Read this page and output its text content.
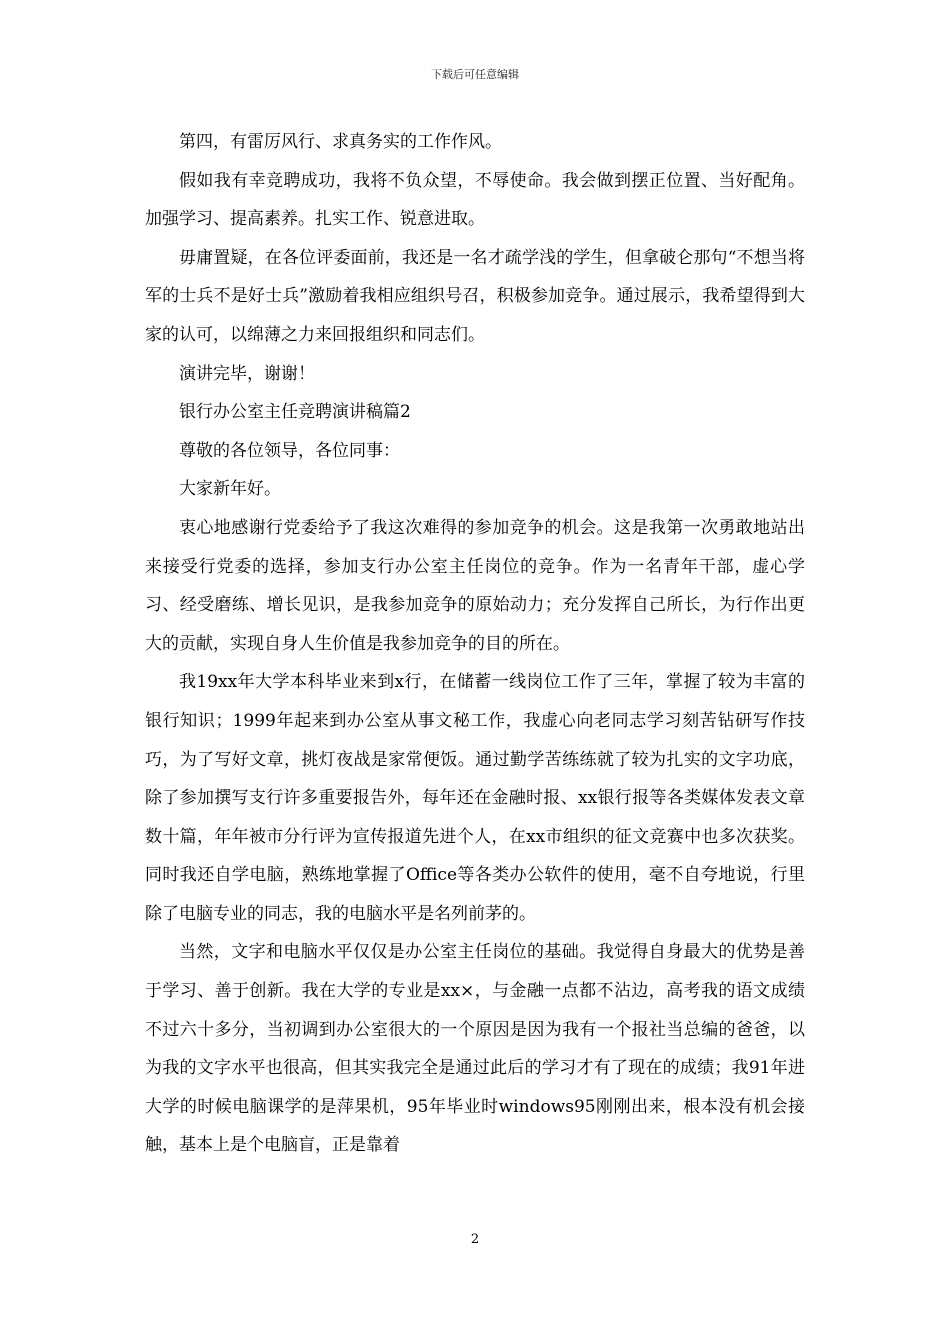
下载后可任意编辑

第四，有雷厉风行、求真务实的工作作风。

假如我有幸竞聘成功，我将不负众望，不辱使命。我会做到摆正位置、当好配角。加强学习、提高素养。扎实工作、锐意进取。

毋庸置疑，在各位评委面前，我还是一名才疏学浅的学生，但拿破仑那句“不想当将军的士兵不是好士兵”激励着我相应组织号召，积极参加竞争。通过展示，我希望得到大家的认可，以绵薄之力来回报组织和同志们。

演讲完毕，谢谢！

银行办公室主任竞聘演讲稿篇2

尊敬的各位领导，各位同事：

大家新年好。

衷心地感谢行党委给予了我这次难得的参加竞争的机会。这是我第一次勇敢地站出来接受行党委的选择，参加支行办公室主任岗位的竞争。作为一名青年干部，虚心学习、经受磨练、增长见识，是我参加竞争的原始动力；充分发挥自己所长，为行作出更大的贡献，实现自身人生价值是我参加竞争的目的所在。

我19xx年大学本科毕业来到x行，在储蓄一线岗位工作了三年，掌握了较为丰富的银行知识；1999年起来到办公室从事文秘工作，我虚心向老同志学习刻苦钻研写作技巧，为了写好文章，挑灯夜战是家常便饭。通过勤学苦练练就了较为扎实的文字功底，除了参加撰写支行许多重要报告外，每年还在金融时报、xx银行报等各类媒体发表文章数十篇，年年被市分行评为宣传报道先进个人，在xx市组织的征文竞赛中也多次获奖。同时我还自学电脑，熟练地掌握了Office等各类办公软件的使用，毫不自夸地说，行里除了电脑专业的同志，我的电脑水平是名列前茅的。

当然，文字和电脑水平仅仅是办公室主任岗位的基础。我觉得自身最大的优势是善于学习、善于创新。我在大学的专业是xx×，与金融一点都不沾边，高考我的语文成绩不过六十多分，当初调到办公室很大的一个原因是因为我有一个报社当总编的爸爸，以为我的文字水平也很高，但其实我完全是通过此后的学习才有了现在的成绩；我91年进大学的时候电脑课学的是萍果机，95年毕业时windows95刚刚出来，根本没有机会接触，基本上是个电脑盲，正是靠着

2
